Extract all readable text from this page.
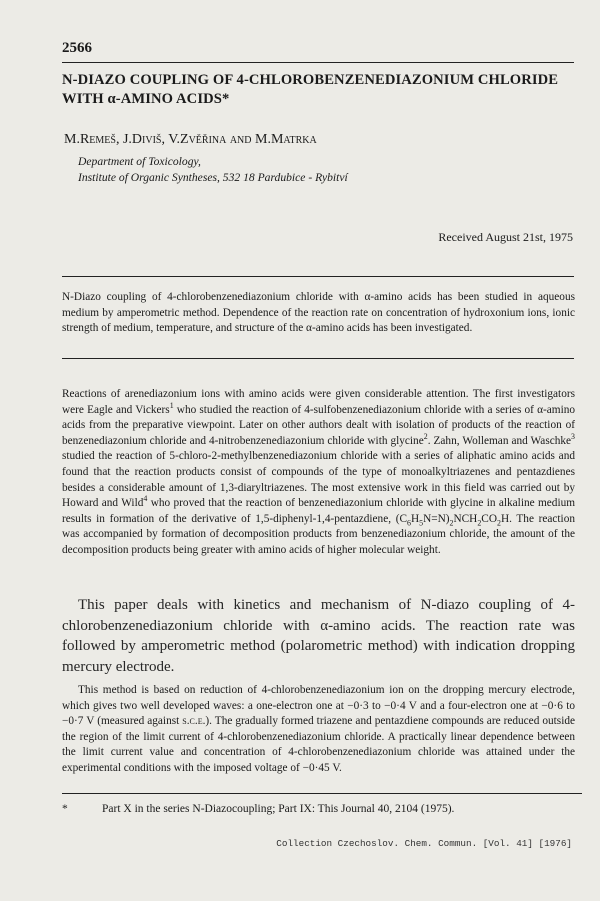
2566
N-DIAZO COUPLING OF 4-CHLOROBENZENEDIAZONIUM CHLORIDE
WITH α-AMINO ACIDS*
M.Remeš, J.Diviš, V.Zvěřina and M.Matrka
Department of Toxicology,
Institute of Organic Syntheses, 532 18 Pardubice - Rybitví
Received August 21st, 1975
N-Diazo coupling of 4-chlorobenzenediazonium chloride with α-amino acids has been studied in aqueous medium by amperometric method. Dependence of the reaction rate on concentration of hydroxonium ions, ionic strength of medium, temperature, and structure of the α-amino acids has been investigated.
Reactions of arenediazonium ions with amino acids were given considerable attention. The first investigators were Eagle and Vickers$^1$ who studied the reaction of 4-sulfobenzenediazonium chloride with a series of α-amino acids from the preparative viewpoint. Later on other authors dealt with isolation of products of the reaction of benzenediazonium chloride and 4-nitrobenzenediazonium chloride with glycine$^2$. Zahn, Wolleman and Waschke$^3$ studied the reaction of 5-chloro-2-methylbenzenediazonium chloride with a series of aliphatic amino acids and found that the reaction products consist of compounds of the type of monoalkyltriazenes and pentazdienes besides a considerable amount of 1,3-diaryltriazenes. The most extensive work in this field was carried out by Howard and Wild$^4$ who proved that the reaction of benzenediazonium chloride with glycine in alkaline medium results in formation of the derivative of 1,5-diphenyl-1,4-pentazdiene, $(C_6H_5N=N)_2NCH_2CO_2H$. The reaction was accompanied by formation of decomposition products from benzenediazonium chloride, the amount of the decomposition products being greater with amino acids of higher molecular weight.
This paper deals with kinetics and mechanism of N-diazo coupling of 4-chlorobenzenediazonium chloride with α-amino acids. The reaction rate was followed by amperometric method (polarometric method) with indication dropping mercury electrode.
This method is based on reduction of 4-chlorobenzenediazonium ion on the dropping mercury electrode, which gives two well developed waves: a one-electron one at −0·3 to −0·4 V and a four-electron one at −0·6 to −0·7 V (measured against s.c.e.). The gradually formed triazene and pentazdiene compounds are reduced outside the region of the limit current of 4-chlorobenzenediazonium chloride. A practically linear dependence between the limit current value and concentration of 4-chlorobenzenediazonium chloride was attained under the experimental conditions with the imposed voltage of −0·45 V.
*	Part X in the series N-Diazocoupling; Part IX: This Journal 40, 2104 (1975).
Collection Czechoslov. Chem. Commun. [Vol. 41] [1976]
